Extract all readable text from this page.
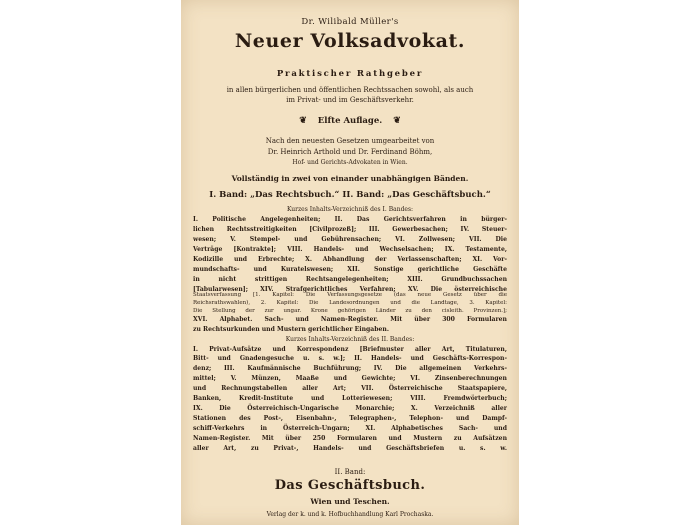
Dr. Wilibald Müller's
Neuer Volksadvokat.
Praktischer Rathgeber
in allen bürgerlichen und öffentlichen Rechtssachen sowohl, als auch
im Privat- und im Geschäftsverkehr.
❦ Elfte Auflage. ❦
Nach den neuesten Gesetzen umgearbeitet von
Dr. Heinrich Arthold und Dr. Ferdinand Böhm,
Hof- und Gerichts-Advokaten in Wien.
Vollständig in zwei von einander unabhängigen Bänden.
I. Band: „Das Rechtsbuch.“ II. Band: „Das Geschäftsbuch.“
Kurzes Inhalts-Verzeichniß des I. Bandes:
I. Politische Angelegenheiten; II. Das Gerichtsverfahren in bürger-
lichen Rechtsstreitigkeiten [Civilprozeß]; III. Gewerbesachen; IV. Steuer-
wesen; V. Stempel- und Gebührensachen; VI. Zollwesen; VII. Die
Verträge [Kontrakte]; VIII. Handels- und Wechselsachen; IX. Testamente,
Kodizille und Erbrechte; X. Abhandlung der Verlassenschaften; XI. Vor-
mundschafts- und Kuratelswesen; XII. Sonstige gerichtliche Geschäfte
in nicht strittigen Rechtsangelegenheiten; XIII. Grundbuchssachen
[Tabularwesen]; XIV. Strafgerichtliches Verfahren; XV. Die österreichische
Staatsverfassung [1. Kapitel: Die Verfassungsgesetze (das neue Gesetz über die
Reichsrathswahlen), 2. Kapitel: Die Landesordnungen und die Landtage, 3. Kapitel:
Die Stellung der zur ungar. Krone gehörigen Länder zu den cisleith. Provinzen.];
XVI. Alphabet. Sach- und Namen-Register. Mit über 300 Formularen
zu Rechtsurkunden und Mustern gerichtlicher Eingaben.
Kurzes Inhalts-Verzeichniß des II. Bandes:
I. Privat-Aufsätze und Korrespondenz [Briefmuster aller Art, Titulaturen,
Bitt- und Gnadengesuche u. s. w.]; II. Handels- und Geschäfts-Korrespon-
denz; III. Kaufmännische Buchführung; IV. Die allgemeinen Verkehrs-
mittel; V. Münzen, Maaße und Gewichte; VI. Zinsenberechnungen
und Rechnungstabellen aller Art; VII. Österreichische Staatspapiere,
Banken, Kredit-Institute und Lotteriewesen; VIII. Fremdwörterbuch;
IX. Die Österreichisch-Ungarische Monarchie; X. Verzeichniß aller
Stationen des Post-, Eisenbahn-, Telegraphen-, Telephon- und Dampf-
schiff-Verkehrs in Österreich-Ungarn; XI. Alphabetisches Sach- und
Namen-Register. Mit über 250 Formularen und Mustern zu Aufsätzen
aller Art, zu Privat-, Handels- und Geschäftsbriefen u. s. w.
II. Band:
Das Geschäftsbuch.
Wien und Teschen.
Verlag der k. und k. Hofbuchhandlung Karl Prochaska.
